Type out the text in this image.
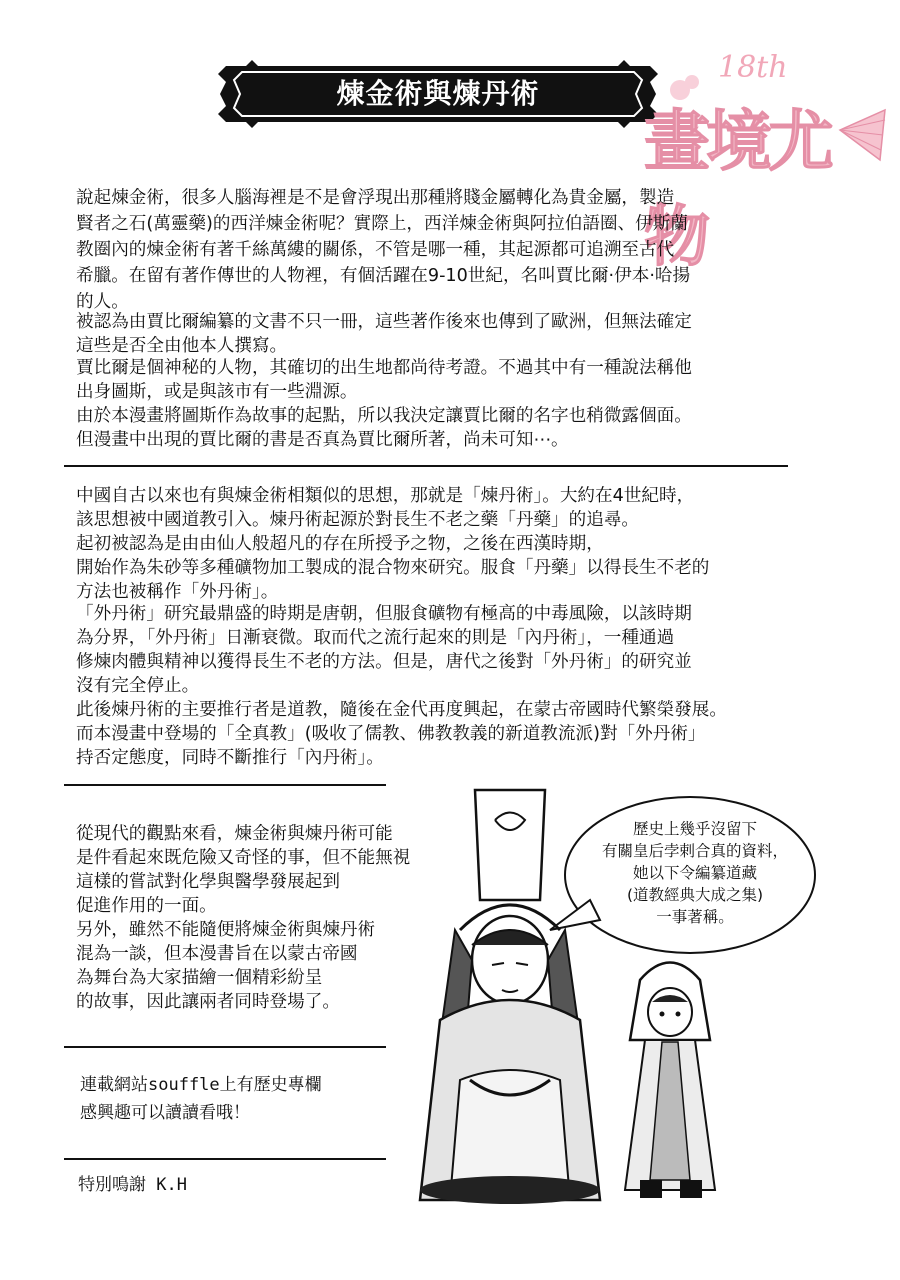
煉金術與煉丹術
18th
畫境尤物
說起煉金術，很多人腦海裡是不是會浮現出那種將賤金屬轉化為貴金屬，製造
賢者之石(萬靈藥)的西洋煉金術呢？實際上，西洋煉金術與阿拉伯語圈、伊斯蘭
教圈內的煉金術有著千絲萬縷的關係，不管是哪一種，其起源都可追溯至古代
希臘。在留有著作傳世的人物裡，有個活躍在9-10世紀，名叫賈比爾·伊本·哈揚
的人。
被認為由賈比爾編纂的文書不只一冊，這些著作後來也傳到了歐洲，但無法確定
這些是否全由他本人撰寫。
賈比爾是個神秘的人物，其確切的出生地都尚待考證。不過其中有一種說法稱他
出身圖斯，或是與該市有一些淵源。
由於本漫畫將圖斯作為故事的起點，所以我決定讓賈比爾的名字也稍微露個面。
但漫畫中出現的賈比爾的書是否真為賈比爾所著，尚未可知⋯。
中國自古以來也有與煉金術相類似的思想，那就是「煉丹術」。大約在4世紀時，
該思想被中國道教引入。煉丹術起源於對長生不老之藥「丹藥」的追尋。
起初被認為是由由仙人般超凡的存在所授予之物，之後在西漢時期，
開始作為朱砂等多種礦物加工製成的混合物來研究。服食「丹藥」以得長生不老的
方法也被稱作「外丹術」。
「外丹術」研究最鼎盛的時期是唐朝，但服食礦物有極高的中毒風險，以該時期
為分界，「外丹術」日漸衰微。取而代之流行起來的則是「內丹術」，一種通過
修煉肉體與精神以獲得長生不老的方法。但是，唐代之後對「外丹術」的研究並
沒有完全停止。
此後煉丹術的主要推行者是道教，隨後在金代再度興起，在蒙古帝國時代繁榮發展。
而本漫畫中登場的「全真教」(吸收了儒教、佛教教義的新道教流派)對「外丹術」
持否定態度，同時不斷推行「內丹術」。
從現代的觀點來看，煉金術與煉丹術可能
是件看起來既危險又奇怪的事，但不能無視
這樣的嘗試對化學與醫學發展起到
促進作用的一面。
另外，雖然不能隨便將煉金術與煉丹術
混為一談，但本漫書旨在以蒙古帝國
為舞台為大家描繪一個精彩紛呈
的故事，因此讓兩者同時登場了。
連載網站souffle上有歷史專欄
感興趣可以讀讀看哦！
特別鳴謝 K.H
歷史上幾乎沒留下
有關皇后孛剌合真的資料，
她以下令編纂道藏
(道教經典大成之集)
一事著稱。
